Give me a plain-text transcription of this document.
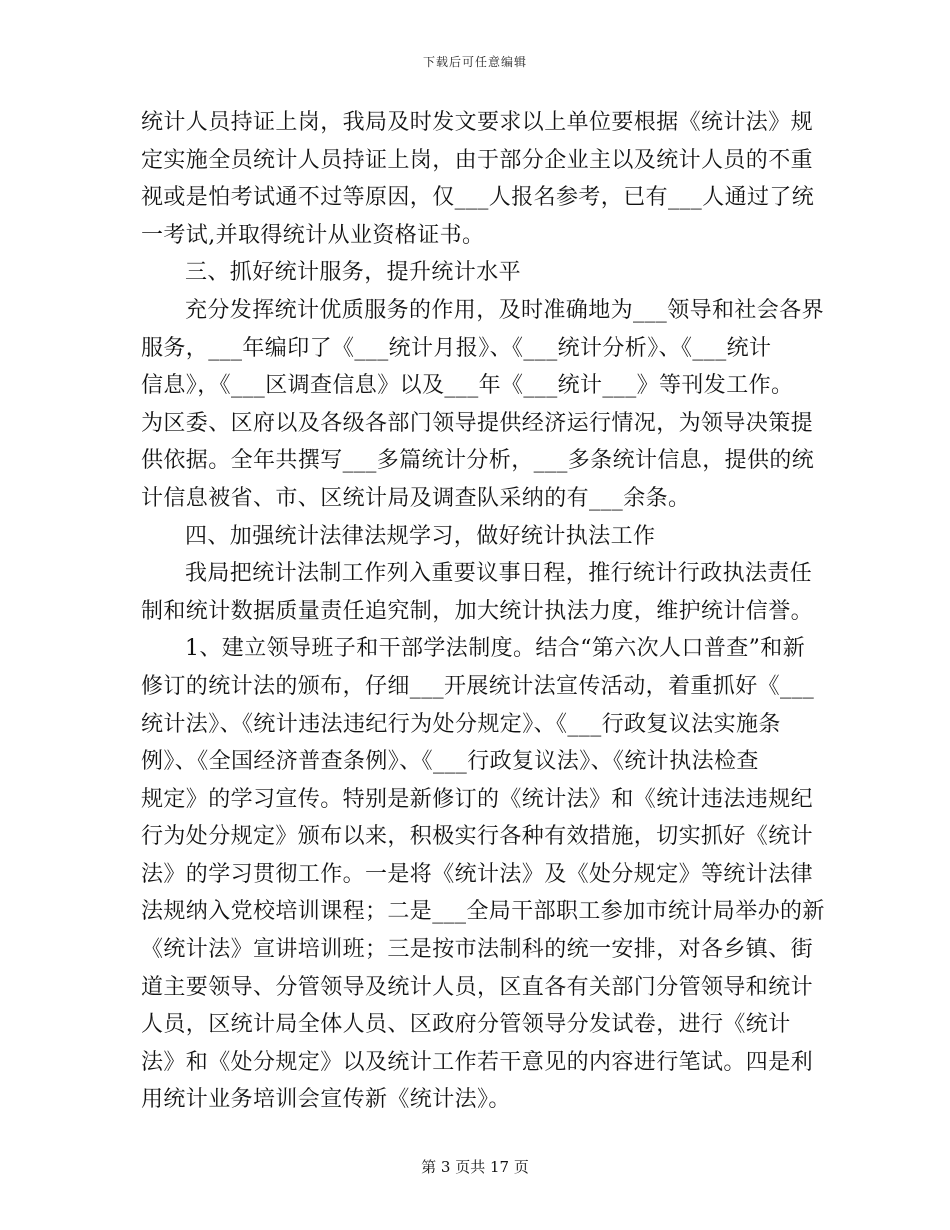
下载后可任意编辑
统计人员持证上岗，我局及时发文要求以上单位要根据《统计法》规
定实施全员统计人员持证上岗，由于部分企业主以及统计人员的不重
视或是怕考试通不过等原因，仅___人报名参考，已有___人通过了统
一考试,并取得统计从业资格证书。
三、抓好统计服务，提升统计水平
充分发挥统计优质服务的作用，及时准确地为___领导和社会各界
服务，___年编印了《___统计月报》、《___统计分析》、《___统计
信息》，《___区调查信息》以及___年《___统计___》等刊发工作。
为区委、区府以及各级各部门领导提供经济运行情况，为领导决策提
供依据。全年共撰写___多篇统计分析，___多条统计信息，提供的统
计信息被省、市、区统计局及调查队采纳的有___余条。
四、加强统计法律法规学习，做好统计执法工作
我局把统计法制工作列入重要议事日程，推行统计行政执法责任
制和统计数据质量责任追究制，加大统计执法力度，维护统计信誉。
1、建立领导班子和干部学法制度。结合“第六次人口普查”和新
修订的统计法的颁布，仔细___开展统计法宣传活动，着重抓好《___
统计法》、《统计违法违纪行为处分规定》、《___行政复议法实施条
例》、《全国经济普查条例》、《___行政复议法》、《统计执法检查
规定》的学习宣传。特别是新修订的《统计法》和《统计违法违规纪
行为处分规定》颁布以来，积极实行各种有效措施，切实抓好《统计
法》的学习贯彻工作。一是将《统计法》及《处分规定》等统计法律
法规纳入党校培训课程；二是___全局干部职工参加市统计局举办的新
《统计法》宣讲培训班；三是按市法制科的统一安排，对各乡镇、街
道主要领导、分管领导及统计人员，区直各有关部门分管领导和统计
人员，区统计局全体人员、区政府分管领导分发试卷，进行《统计
法》和《处分规定》以及统计工作若干意见的内容进行笔试。四是利
用统计业务培训会宣传新《统计法》。
第 3 页共 17 页
